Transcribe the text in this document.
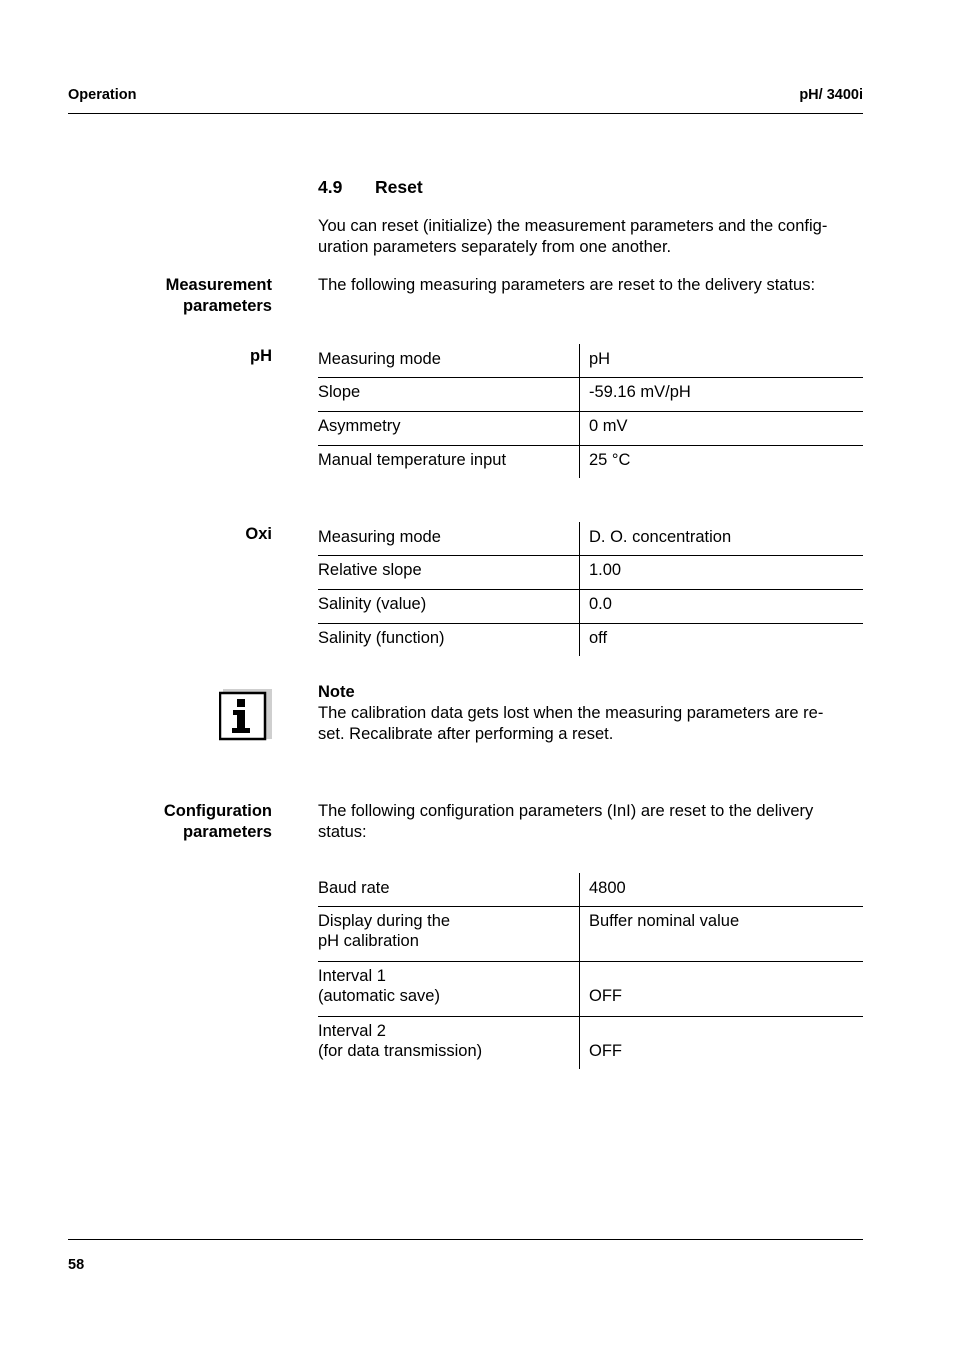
Operation	pH/ 3400i
4.9 Reset
You can reset (initialize) the measurement parameters and the config-
uration parameters separately from one another.
Measurement
parameters
The following measuring parameters are reset to the delivery status:
pH	Measuring mode	pH

Slope	-59.16 mV/pH

Asymmetry	0 mV

Manual temperature input	25 °C
Oxi	Measuring mode	D. O. concentration

Relative slope	1.00

Salinity (value)	0.0

Salinity (function)	off
Note
The calibration data gets lost when the measuring parameters are re-
set. Recalibrate after performing a reset.
Configuration
parameters
The following configuration parameters (InI) are reset to the delivery
status:
Baud rate	4800

Display during the
pH calibration	Buffer nominal value

Interval 1
(automatic save)	OFF

Interval 2
(for data transmission)	OFF
58
